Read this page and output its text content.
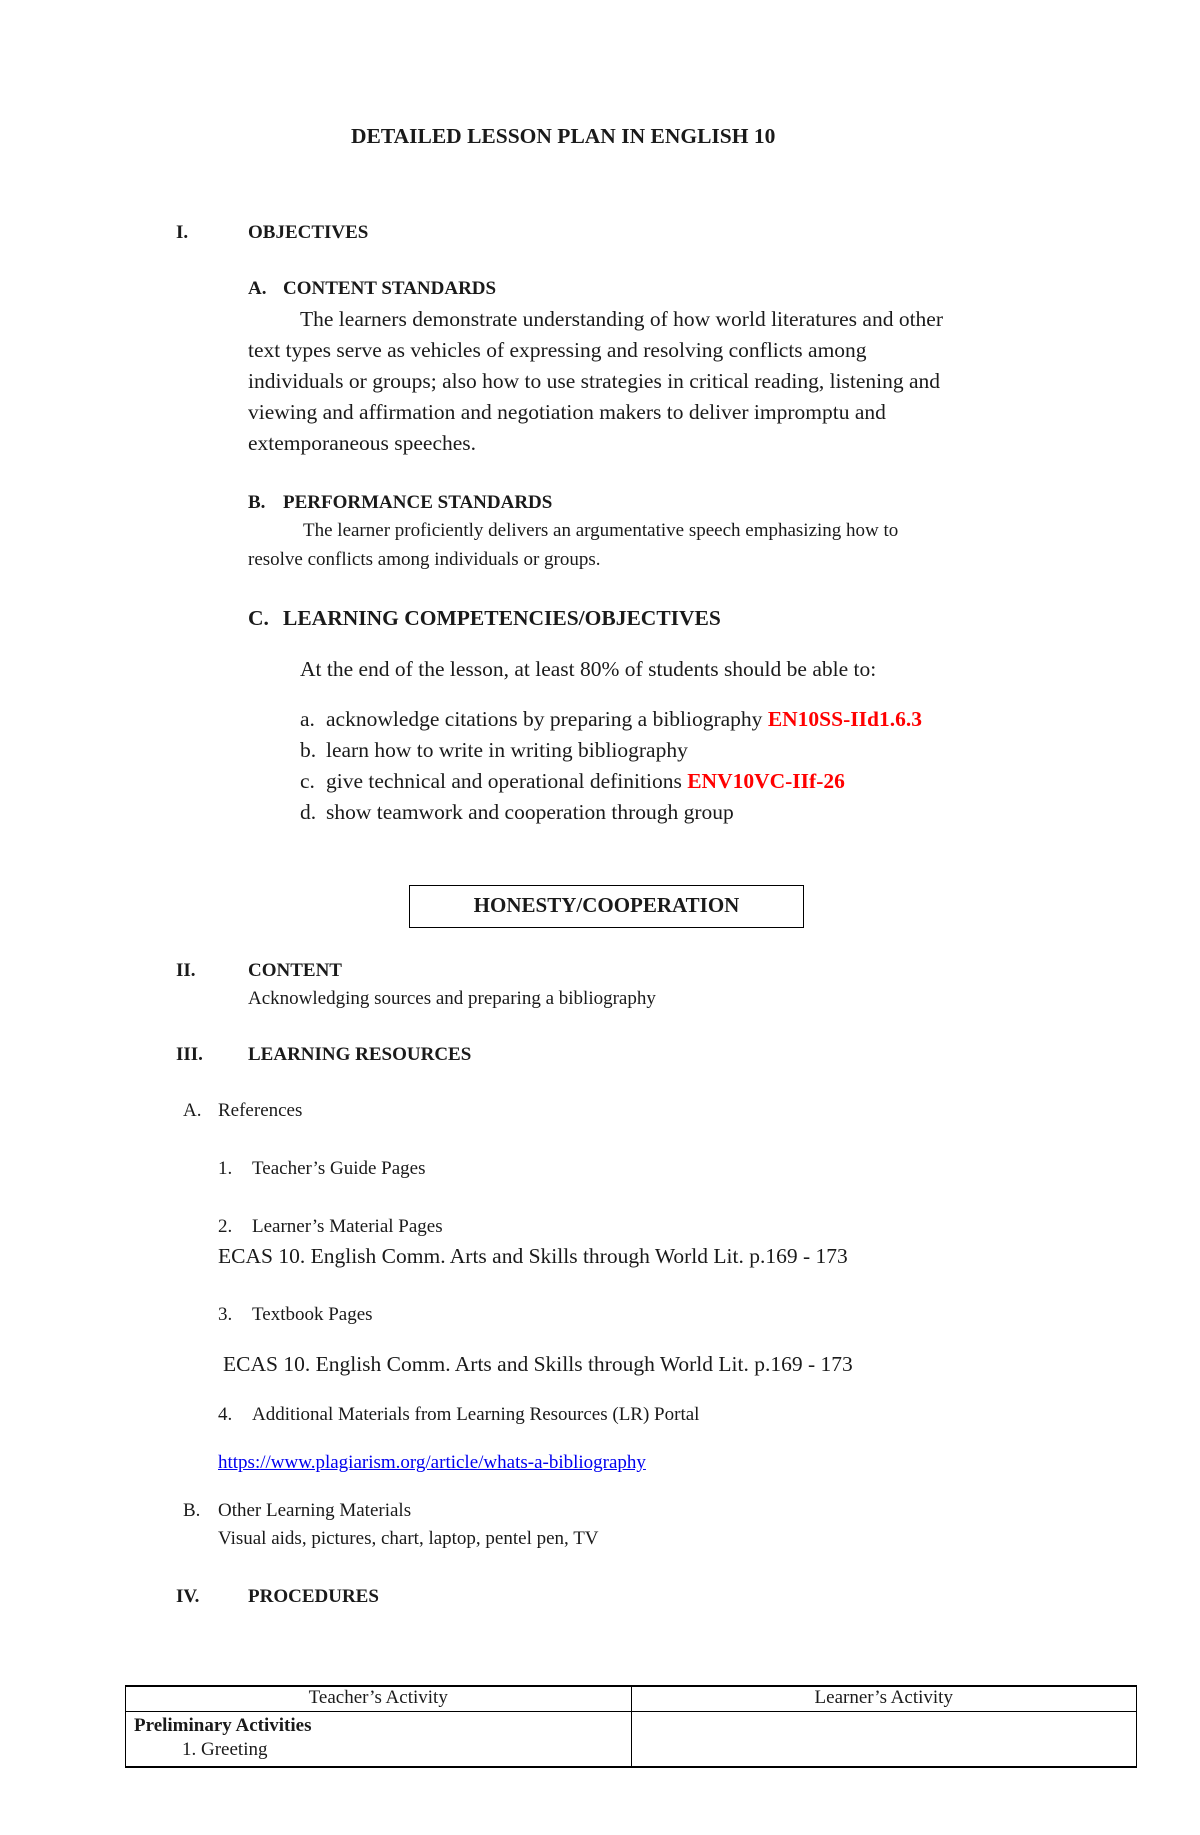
DETAILED LESSON PLAN IN ENGLISH 10
I.	OBJECTIVES
A. CONTENT STANDARDS
The learners demonstrate understanding of how world literatures and other
text types serve as vehicles of expressing and resolving conflicts among
individuals or groups; also how to use strategies in critical reading, listening and
viewing and affirmation and negotiation makers to deliver impromptu and
extemporaneous speeches.
B. PERFORMANCE STANDARDS
The learner proficiently delivers an argumentative speech emphasizing how to
resolve conflicts among individuals or groups.
C. LEARNING COMPETENCIES/OBJECTIVES
At the end of the lesson, at least 80% of students should be able to:
a. acknowledge citations by preparing a bibliography EN10SS-IId1.6.3
b. learn how to write in writing bibliography
c. give technical and operational definitions ENV10VC-IIf-26
d. show teamwork and cooperation through group
HONESTY/COOPERATION
II.	CONTENT
Acknowledging sources and preparing a bibliography
III. LEARNING RESOURCES
A. References
1. Teacher’s Guide Pages
2. Learner’s Material Pages
ECAS 10. English Comm. Arts and Skills through World Lit. p.169 - 173
3. Textbook Pages
ECAS 10. English Comm. Arts and Skills through World Lit. p.169 - 173
4. Additional Materials from Learning Resources (LR) Portal
https://www.plagiarism.org/article/whats-a-bibliography
B. Other Learning Materials
Visual aids, pictures, chart, laptop, pentel pen, TV
IV.	PROCEDURES
Teacher’s Activity	Learner’s Activity

Preliminary Activities
1. Greeting	
